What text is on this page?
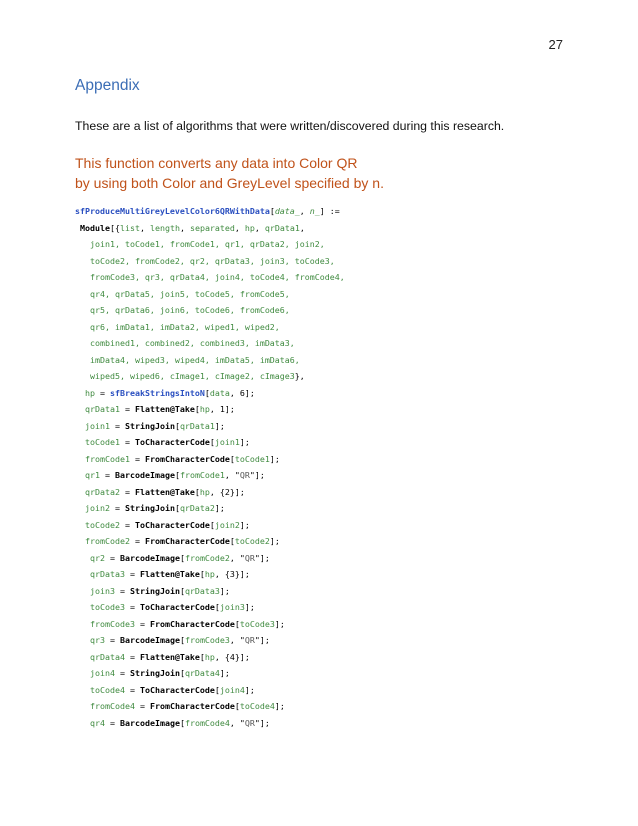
27
Appendix
These are a list of algorithms that were written/discovered during this research.
This function converts any data into Color QR
by using both Color and GreyLevel specified by n.
sfProduceMultiGreyLevelColor6QRWithData[data_, n_] :=
Module[{list, length, separated, hp, qrData1,
join1, toCode1, fromCode1, qr1, qrData2, join2,
toCode2, fromCode2, qr2, qrData3, join3, toCode3,
fromCode3, qr3, qrData4, join4, toCode4, fromCode4,
qr4, qrData5, join5, toCode5, fromCode5,
qr5, qrData6, join6, toCode6, fromCode6,
qr6, imData1, imData2, wiped1, wiped2,
combined1, combined2, combined3, imData3,
imData4, wiped3, wiped4, imData5, imData6,
wiped5, wiped6, cImage1, cImage2, cImage3},
hp = sfBreakStringsIntoN[data, 6];
qrData1 = Flatten@Take[hp, 1];
join1 = StringJoin[qrData1];
toCode1 = ToCharacterCode[join1];
fromCode1 = FromCharacterCode[toCode1];
qr1 = BarcodeImage[fromCode1, "QR"];
qrData2 = Flatten@Take[hp, {2}];
join2 = StringJoin[qrData2];
toCode2 = ToCharacterCode[join2];
fromCode2 = FromCharacterCode[toCode2];
qr2 = BarcodeImage[fromCode2, "QR"];
qrData3 = Flatten@Take[hp, {3}];
join3 = StringJoin[qrData3];
toCode3 = ToCharacterCode[join3];
fromCode3 = FromCharacterCode[toCode3];
qr3 = BarcodeImage[fromCode3, "QR"];
qrData4 = Flatten@Take[hp, {4}];
join4 = StringJoin[qrData4];
toCode4 = ToCharacterCode[join4];
fromCode4 = FromCharacterCode[toCode4];
qr4 = BarcodeImage[fromCode4, "QR"];
